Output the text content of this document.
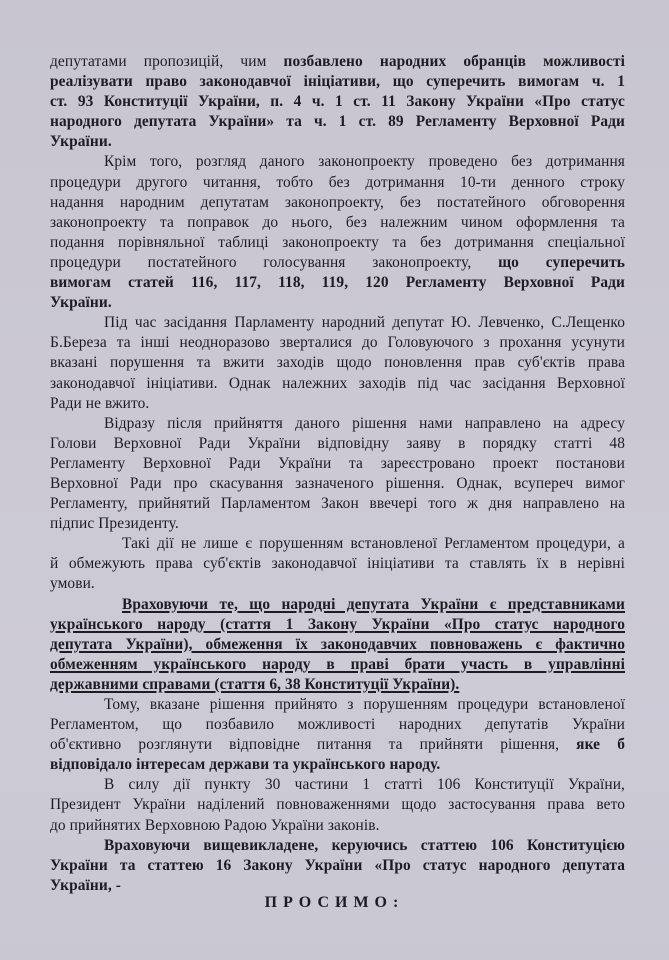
депутатами пропозицій, чим позбавлено народних обранців можливості
реалізувати право законодавчої ініціативи, що суперечить вимогам ч. 1
ст. 93 Конституції України, п. 4 ч. 1 ст. 11 Закону України «Про статус
народного депутата України» та ч. 1 ст. 89 Регламенту Верховної Ради
України.
Крім того, розгляд даного законопроекту проведено без дотримання
процедури другого читання, тобто без дотримання 10-ти денного строку
надання народним депутатам законопроекту, без постатейного обговорення
законопроекту та поправок до нього, без належним чином оформлення та
подання порівняльної таблиці законопроекту та без дотримання спеціальної
процедури постатейного голосування законопроекту, що суперечить
вимогам статей 116, 117, 118, 119, 120 Регламенту Верховної Ради
України.
Під час засідання Парламенту народний депутат Ю. Левченко, С.Лещенко
Б.Береза та інші неодноразово зверталися до Головуючого з прохання усунути
вказані порушення та вжити заходів щодо поновлення прав суб'єктів права
законодавчої ініціативи. Однак належних заходів під час засідання Верховної
Ради не вжито.
Відразу після прийняття даного рішення нами направлено на адресу
Голови Верховної Ради України відповідну заяву в порядку статті 48
Регламенту Верховної Ради України та зареєстровано проект постанови
Верховної Ради про скасування зазначеного рішення. Однак, всупереч вимог
Регламенту, прийнятий Парламентом Закон ввечері того ж дня направлено на
підпис Президенту.
Такі дії не лише є порушенням встановленої Регламентом процедури, а
й обмежують права суб'єктів законодавчої ініціативи та ставлять їх в нерівні
умови.
Враховуючи те, що народні депутата України є представниками
українського народу (стаття 1 Закону України «Про статус народного
депутата України), обмеження їх законодавчих повноважень є фактично
обмеженням українського народу в праві брати участь в управлінні
державними справами (стаття 6, 38 Конституції України).
Тому, вказане рішення прийнято з порушенням процедури встановленої
Регламентом, що позбавило можливості народних депутатів України
об'єктивно розглянути відповідне питання та прийняти рішення, яке б
відповідало інтересам держави та українського народу.
В силу дії пункту 30 частини 1 статті 106 Конституції України,
Президент України наділений повноваженнями щодо застосування права вето
до прийнятих Верховною Радою України законів.
Враховуючи вищевикладене, керуючись статтею 106 Конституцією
України та статтею 16 Закону України «Про статус народного депутата
України, -
ПРОСИМО:
